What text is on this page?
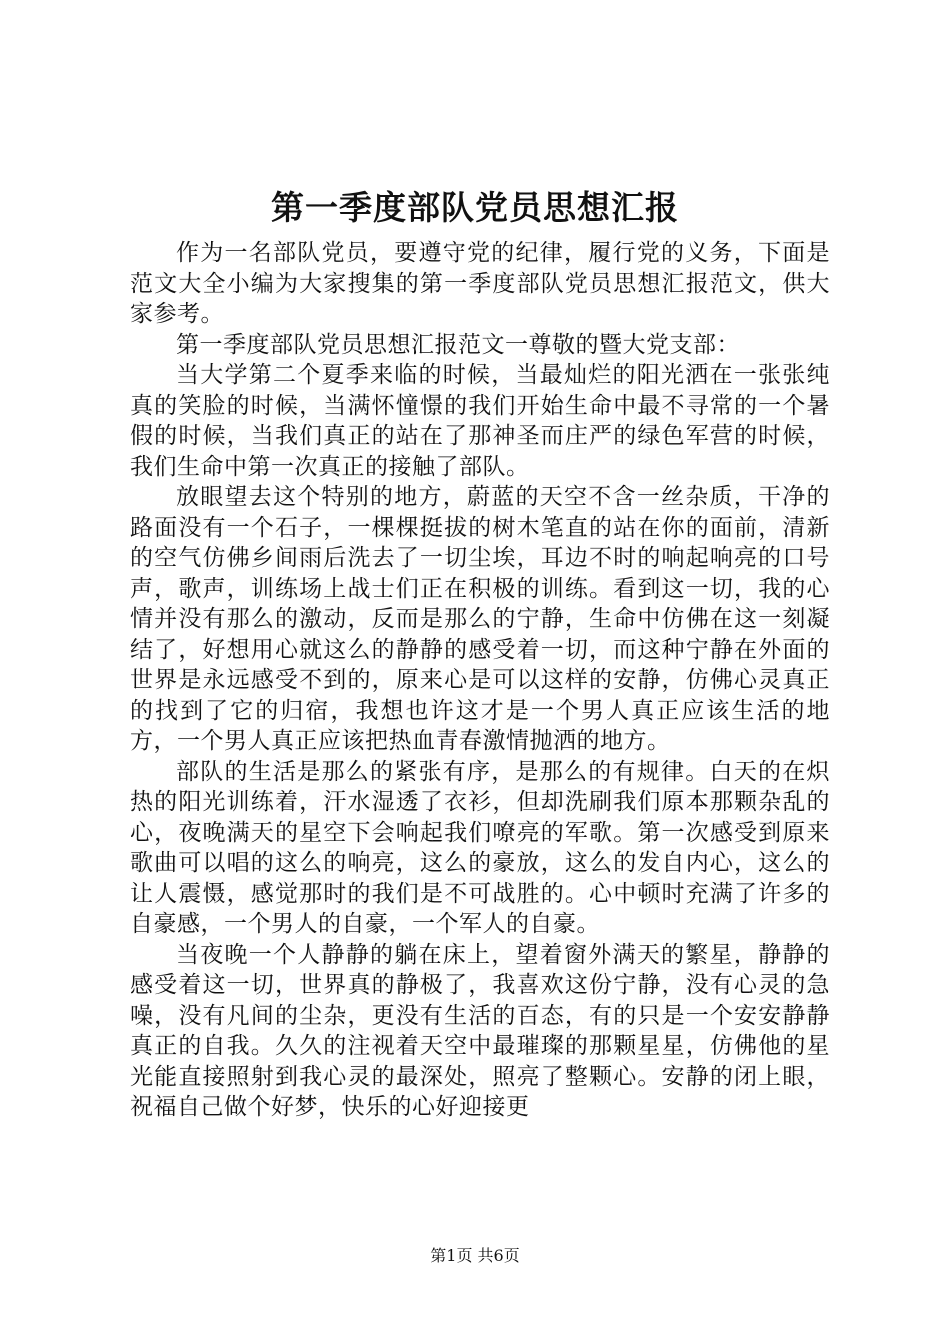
第一季度部队党员思想汇报

作为一名部队党员，要遵守党的纪律，履行党的义务，下面是范文大全小编为大家搜集的第一季度部队党员思想汇报范文，供大家参考。

第一季度部队党员思想汇报范文一尊敬的暨大党支部：

当大学第二个夏季来临的时候，当最灿烂的阳光洒在一张张纯真的笑脸的时候，当满怀憧憬的我们开始生命中最不寻常的一个暑假的时候，当我们真正的站在了那神圣而庄严的绿色军营的时候，我们生命中第一次真正的接触了部队。

放眼望去这个特别的地方，蔚蓝的天空不含一丝杂质，干净的路面没有一个石子，一棵棵挺拔的树木笔直的站在你的面前，清新的空气仿佛乡间雨后洗去了一切尘埃，耳边不时的响起响亮的口号声，歌声，训练场上战士们正在积极的训练。看到这一切，我的心情并没有那么的激动，反而是那么的宁静，生命中仿佛在这一刻凝结了，好想用心就这么的静静的感受着一切，而这种宁静在外面的世界是永远感受不到的，原来心是可以这样的安静，仿佛心灵真正的找到了它的归宿，我想也许这才是一个男人真正应该生活的地方，一个男人真正应该把热血青春激情抛洒的地方。

部队的生活是那么的紧张有序，是那么的有规律。白天的在炽热的阳光训练着，汗水湿透了衣衫，但却洗刷我们原本那颗杂乱的心，夜晚满天的星空下会响起我们嘹亮的军歌。第一次感受到原来歌曲可以唱的这么的响亮，这么的豪放，这么的发自内心，这么的让人震慑，感觉那时的我们是不可战胜的。心中顿时充满了许多的自豪感，一个男人的自豪，一个军人的自豪。

当夜晚一个人静静的躺在床上，望着窗外满天的繁星，静静的感受着这一切，世界真的静极了，我喜欢这份宁静，没有心灵的急噪，没有凡间的尘杂，更没有生活的百态，有的只是一个安安静静真正的自我。久久的注视着天空中最璀璨的那颗星星，仿佛他的星光能直接照射到我心灵的最深处，照亮了整颗心。安静的闭上眼，祝福自己做个好梦，快乐的心好迎接更

第1页 共6页
